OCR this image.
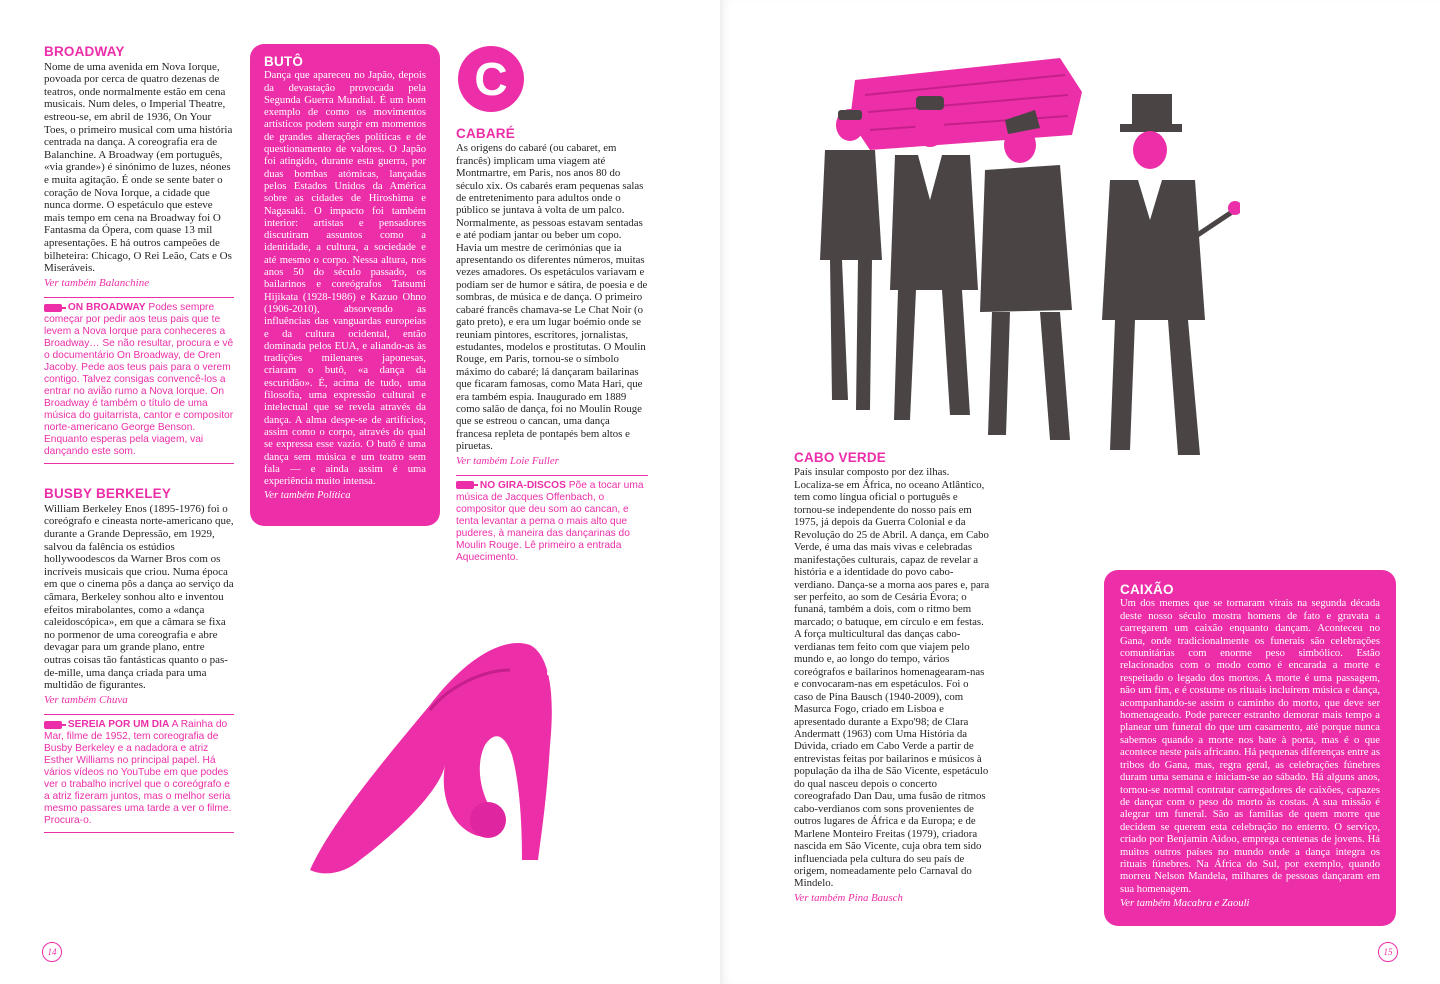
BROADWAY

Nome de uma avenida em Nova Iorque, povoada por cerca de quatro dezenas de teatros, onde normalmente estão em cena musicais. Num deles, o Imperial Theatre, estreou-se, em abril de 1936, On Your Toes, o primeiro musical com uma história centrada na dança. A coreografia era de Balanchine. A Broadway (em português, «via grande») é sinónimo de luzes, néones e muita agitação. É onde se sente bater o coração de Nova Iorque, a cidade que nunca dorme. O espetáculo que esteve mais tempo em cena na Broadway foi O Fantasma da Ópera, com quase 13 mil apresentações. E há outros campeões de bilheteira: Chicago, O Rei Leão, Cats e Os Miseráveis.

Ver também Balanchine

ON BROADWAY Podes sempre começar por pedir aos teus pais que te levem a Nova Iorque para conheceres a Broadway… Se não resultar, procura e vê o documentário On Broadway, de Oren Jacoby. Pede aos teus pais para o verem contigo. Talvez consigas convencê-los a entrar no avião rumo a Nova Iorque. On Broadway é também o título de uma música do guitarrista, cantor e compositor norte-americano George Benson. Enquanto esperas pela viagem, vai dançando este som.
BUSBY BERKELEY

William Berkeley Enos (1895-1976) foi o coreógrafo e cineasta norte-americano que, durante a Grande Depressão, em 1929, salvou da falência os estúdios hollywoodescos da Warner Bros com os incríveis musicais que criou. Numa época em que o cinema pôs a dança ao serviço da câmara, Berkeley sonhou alto e inventou efeitos mirabolantes, como a «dança caleidoscópica», em que a câmara se fixa no pormenor de uma coreografia e abre devagar para um grande plano, entre outras coisas tão fantásticas quanto o pas-de-mille, uma dança criada para uma multidão de figurantes.

Ver também Chuva

SEREIA POR UM DIA A Rainha do Mar, filme de 1952, tem coreografia de Busby Berkeley e a nadadora e atriz Esther Williams no principal papel. Há vários vídeos no YouTube em que podes ver o trabalho incrível que o coreógrafo e a atriz fizeram juntos, mas o melhor seria mesmo passares uma tarde a ver o filme. Procura-o.
BUTÔ

Dança que apareceu no Japão, depois da devastação provocada pela Segunda Guerra Mundial. É um bom exemplo de como os movimentos artísticos podem surgir em momentos de grandes alterações políticas e de questionamento de valores. O Japão foi atingido, durante esta guerra, por duas bombas atómicas, lançadas pelos Estados Unidos da América sobre as cidades de Hiroshima e Nagasaki. O impacto foi também interior: artistas e pensadores discutiram assuntos como a identidade, a cultura, a sociedade e até mesmo o corpo. Nessa altura, nos anos 50 do século passado, os bailarinos e coreógrafos Tatsumi Hijikata (1928-1986) e Kazuo Ohno (1906-2010), absorvendo as influências das vanguardas europeias e da cultura ocidental, então dominada pelos EUA, e aliando-as às tradições milenares japonesas, criaram o butô, «a dança da escuridão». É, acima de tudo, uma filosofia, uma expressão cultural e intelectual que se revela através da dança. A alma despe-se de artifícios, assim como o corpo, através do qual se expressa esse vazio. O butô é uma dança sem música e um teatro sem fala — e ainda assim é uma experiência muito intensa.

Ver também Política

C
CABARÉ

As origens do cabaré (ou cabaret, em francês) implicam uma viagem até Montmartre, em Paris, nos anos 80 do século xix. Os cabarés eram pequenas salas de entretenimento para adultos onde o público se juntava à volta de um palco. Normalmente, as pessoas estavam sentadas e até podiam jantar ou beber um copo. Havia um mestre de cerimónias que ia apresentando os diferentes números, muitas vezes amadores. Os espetáculos variavam e podiam ser de humor e sátira, de poesia e de sombras, de música e de dança. O primeiro cabaré francês chamava-se Le Chat Noir (o gato preto), e era um lugar boémio onde se reuniam pintores, escritores, jornalistas, estudantes, modelos e prostitutas. O Moulin Rouge, em Paris, tornou-se o símbolo máximo do cabaré; lá dançaram bailarinas que ficaram famosas, como Mata Hari, que era também espia. Inaugurado em 1889 como salão de dança, foi no Moulin Rouge que se estreou o cancan, uma dança francesa repleta de pontapés bem altos e piruetas.

Ver também Loie Fuller

NO GIRA-DISCOS Põe a tocar uma música de Jacques Offenbach, o compositor que deu som ao cancan, e tenta levantar a perna o mais alto que puderes, à maneira das dançarinas do Moulin Rouge. Lê primeiro a entrada Aquecimento.
14
CABO VERDE

País insular composto por dez ilhas. Localiza-se em África, no oceano Atlântico, tem como língua oficial o português e tornou-se independente do nosso país em 1975, já depois da Guerra Colonial e da Revolução do 25 de Abril. A dança, em Cabo Verde, é uma das mais vivas e celebradas manifestações culturais, capaz de revelar a história e a identidade do povo cabo-verdiano. Dança-se a morna aos pares e, para ser perfeito, ao som de Cesária Évora; o funaná, também a dois, com o ritmo bem marcado; o batuque, em círculo e em festas. A força multicultural das danças cabo-verdianas tem feito com que viajem pelo mundo e, ao longo do tempo, vários coreógrafos e bailarinos homenagearam-nas e convocaram-nas em espetáculos. Foi o caso de Pina Bausch (1940-2009), com Masurca Fogo, criado em Lisboa e apresentado durante a Expo'98; de Clara Andermatt (1963) com Uma História da Dúvida, criado em Cabo Verde a partir de entrevistas feitas por bailarinos e músicos à população da ilha de São Vicente, espetáculo do qual nasceu depois o concerto coreografado Dan Dau, uma fusão de ritmos cabo-verdianos com sons provenientes de outros lugares de África e da Europa; e de Marlene Monteiro Freitas (1979), criadora nascida em São Vicente, cuja obra tem sido influenciada pela cultura do seu país de origem, nomeadamente pelo Carnaval do Mindelo.

Ver também Pina Bausch

CAIXÃO

Um dos memes que se tornaram virais na segunda década deste nosso século mostra homens de fato e gravata a carregarem um caixão enquanto dançam. Aconteceu no Gana, onde tradicionalmente os funerais são celebrações comunitárias com enorme peso simbólico. Estão relacionados com o modo como é encarada a morte e respeitado o legado dos mortos. A morte é uma passagem, não um fim, e é costume os rituais incluírem música e dança, acompanhando-se assim o caminho do morto, que deve ser homenageado. Pode parecer estranho demorar mais tempo a planear um funeral do que um casamento, até porque nunca sabemos quando a morte nos bate à porta, mas é o que acontece neste país africano. Há pequenas diferenças entre as tribos do Gana, mas, regra geral, as celebrações fúnebres duram uma semana e iniciam-se ao sábado. Há alguns anos, tornou-se normal contratar carregadores de caixões, capazes de dançar com o peso do morto às costas. A sua missão é alegrar um funeral. São as famílias de quem morre que decidem se querem esta celebração no enterro. O serviço, criado por Benjamin Aidoo, emprega centenas de jovens. Há muitos outros países no mundo onde a dança integra os rituais fúnebres. Na África do Sul, por exemplo, quando morreu Nelson Mandela, milhares de pessoas dançaram em sua homenagem.

Ver também Macabra e Zaouli

15
